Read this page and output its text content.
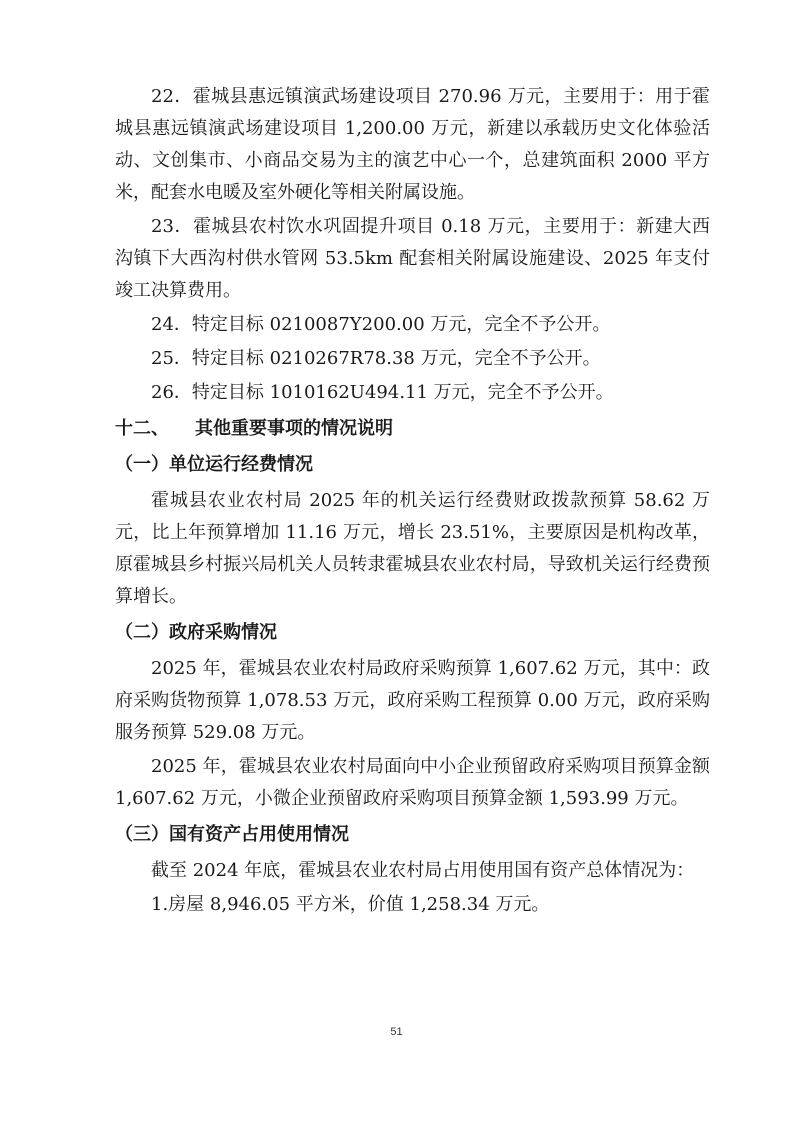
22．霍城县惠远镇演武场建设项目 270.96 万元，主要用于：用于霍城县惠远镇演武场建设项目 1,200.00 万元，新建以承载历史文化体验活动、文创集市、小商品交易为主的演艺中心一个，总建筑面积 2000 平方米，配套水电暖及室外硬化等相关附属设施。

23．霍城县农村饮水巩固提升项目 0.18 万元，主要用于：新建大西沟镇下大西沟村供水管网 53.5km 配套相关附属设施建设、2025 年支付竣工决算费用。

24．特定目标 0210087Y200.00 万元，完全不予公开。

25．特定目标 0210267R78.38 万元，完全不予公开。

26．特定目标 1010162U494.11 万元，完全不予公开。

十二、 其他重要事项的情况说明
（一）单位运行经费情况

霍城县农业农村局 2025 年的机关运行经费财政拨款预算 58.62 万元，比上年预算增加 11.16 万元，增长 23.51%，主要原因是机构改革，原霍城县乡村振兴局机关人员转隶霍城县农业农村局，导致机关运行经费预算增长。

（二）政府采购情况

2025 年，霍城县农业农村局政府采购预算 1,607.62 万元，其中：政府采购货物预算 1,078.53 万元，政府采购工程预算 0.00 万元，政府采购服务预算 529.08 万元。

2025 年，霍城县农业农村局面向中小企业预留政府采购项目预算金额 1,607.62 万元，小微企业预留政府采购项目预算金额 1,593.99 万元。

（三）国有资产占用使用情况

截至 2024 年底，霍城县农业农村局占用使用国有资产总体情况为：

1.房屋 8,946.05 平方米，价值 1,258.34 万元。

51
